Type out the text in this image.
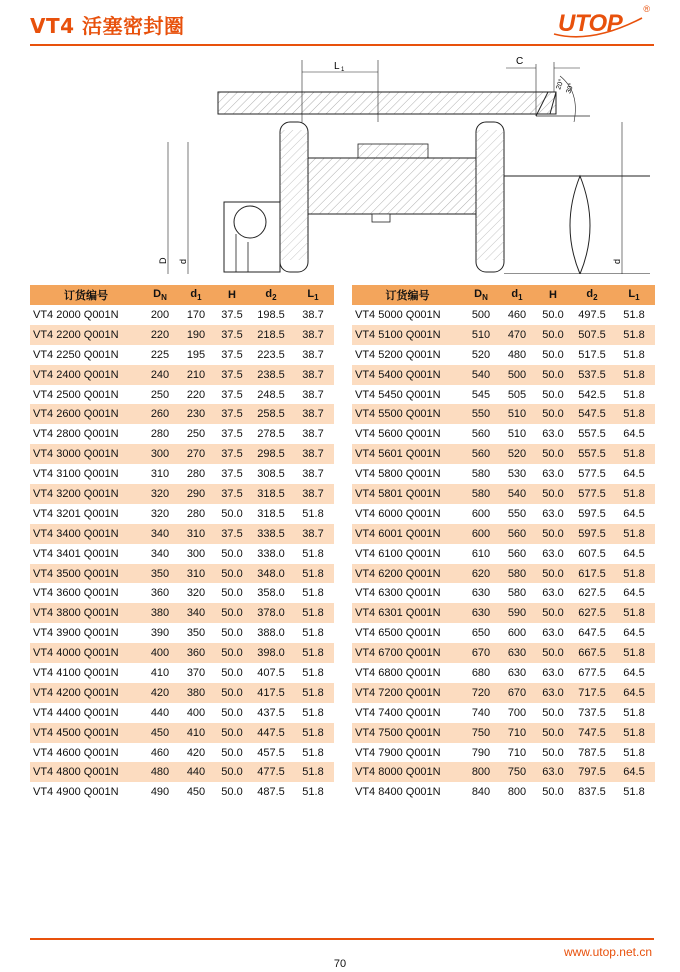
VT4 活塞密封圈	UTOP
®
L 1
C
20° 30°
D d	d
订货编号	$D_N$	$d_1$	H	$d_2$	$L_1$
VT4 2000 Q001N	200	170	37.5	198.5	38.7
VT4 2200 Q001N	220	190	37.5	218.5	38.7
VT4 2250 Q001N	225	195	37.5	223.5	38.7
VT4 2400 Q001N	240	210	37.5	238.5	38.7
VT4 2500 Q001N	250	220	37.5	248.5	38.7
VT4 2600 Q001N	260	230	37.5	258.5	38.7
VT4 2800 Q001N	280	250	37.5	278.5	38.7
VT4 3000 Q001N	300	270	37.5	298.5	38.7
VT4 3100 Q001N	310	280	37.5	308.5	38.7
VT4 3200 Q001N	320	290	37.5	318.5	38.7
VT4 3201 Q001N	320	280	50.0	318.5	51.8
VT4 3400 Q001N	340	310	37.5	338.5	38.7
VT4 3401 Q001N	340	300	50.0	338.0	51.8
VT4 3500 Q001N	350	310	50.0	348.0	51.8
VT4 3600 Q001N	360	320	50.0	358.0	51.8
VT4 3800 Q001N	380	340	50.0	378.0	51.8
VT4 3900 Q001N	390	350	50.0	388.0	51.8
VT4 4000 Q001N	400	360	50.0	398.0	51.8
VT4 4100 Q001N	410	370	50.0	407.5	51.8
VT4 4200 Q001N	420	380	50.0	417.5	51.8
VT4 4400 Q001N	440	400	50.0	437.5	51.8
VT4 4500 Q001N	450	410	50.0	447.5	51.8
VT4 4600 Q001N	460	420	50.0	457.5	51.8
VT4 4800 Q001N	480	440	50.0	477.5	51.8
VT4 4900 Q001N	490	450	50.0	487.5	51.8
订货编号	$D_N$	$d_1$	H	$d_2$	$L_1$
VT4 5000 Q001N	500	460	50.0	497.5	51.8
VT4 5100 Q001N	510	470	50.0	507.5	51.8
VT4 5200 Q001N	520	480	50.0	517.5	51.8
VT4 5400 Q001N	540	500	50.0	537.5	51.8
VT4 5450 Q001N	545	505	50.0	542.5	51.8
VT4 5500 Q001N	550	510	50.0	547.5	51.8
VT4 5600 Q001N	560	510	63.0	557.5	64.5
VT4 5601 Q001N	560	520	50.0	557.5	51.8
VT4 5800 Q001N	580	530	63.0	577.5	64.5
VT4 5801 Q001N	580	540	50.0	577.5	51.8
VT4 6000 Q001N	600	550	63.0	597.5	64.5
VT4 6001 Q001N	600	560	50.0	597.5	51.8
VT4 6100 Q001N	610	560	63.0	607.5	64.5
VT4 6200 Q001N	620	580	50.0	617.5	51.8
VT4 6300 Q001N	630	580	63.0	627.5	64.5
VT4 6301 Q001N	630	590	50.0	627.5	51.8
VT4 6500 Q001N	650	600	63.0	647.5	64.5
VT4 6700 Q001N	670	630	50.0	667.5	51.8
VT4 6800 Q001N	680	630	63.0	677.5	64.5
VT4 7200 Q001N	720	670	63.0	717.5	64.5
VT4 7400 Q001N	740	700	50.0	737.5	51.8
VT4 7500 Q001N	750	710	50.0	747.5	51.8
VT4 7900 Q001N	790	710	50.0	787.5	51.8
VT4 8000 Q001N	800	750	63.0	797.5	64.5
VT4 8400 Q001N	840	800	50.0	837.5	51.8
www.utop.net.cn
70
